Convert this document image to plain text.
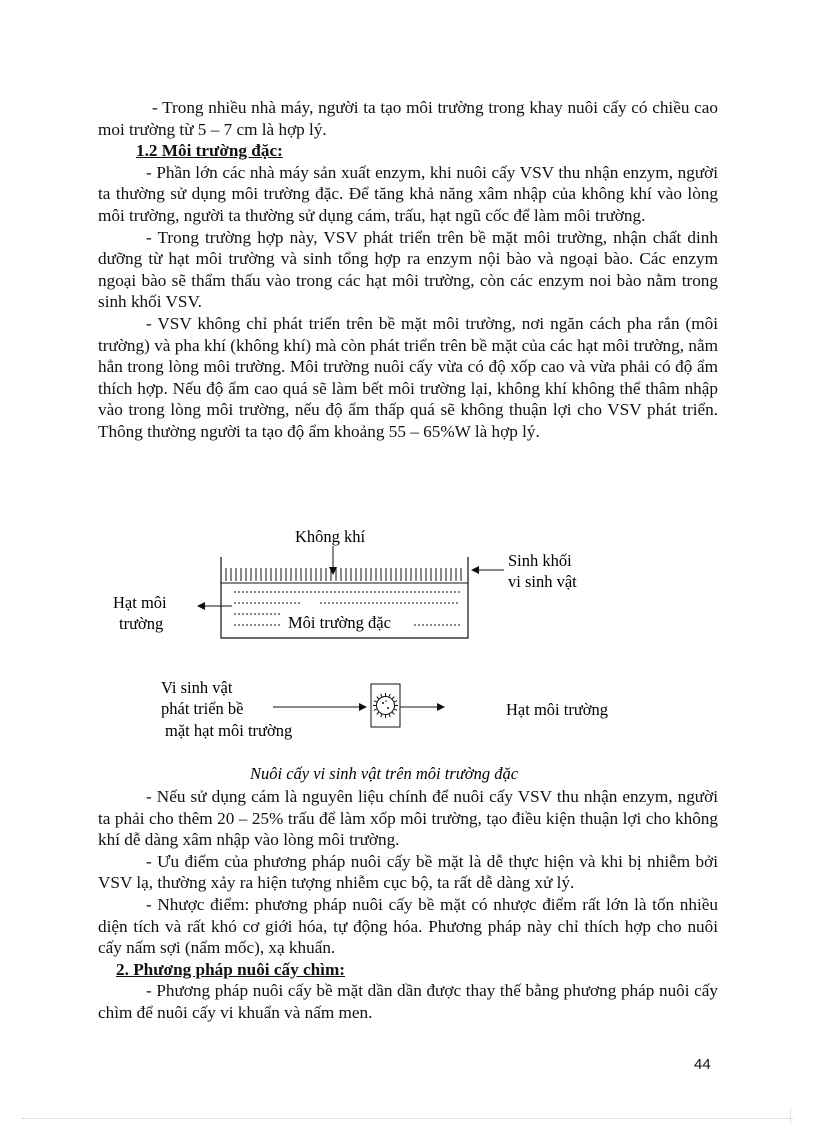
- Trong nhiều nhà máy, người ta tạo môi trường trong khay nuôi cấy có chiều cao moi trường từ 5 – 7 cm là hợp lý.

1.2 Môi trường đặc:

- Phần lớn các nhà máy sản xuất enzym, khi nuôi cấy VSV thu nhận enzym, người ta thường sử dụng môi trường đặc. Để tăng khả năng xâm nhập của không khí vào lòng môi trường, người ta thường sử dụng cám, trấu, hạt ngũ cốc để làm môi trường.

- Trong trường hợp này, VSV phát triển trên bề mặt môi trường, nhận chất dinh dưỡng từ hạt môi trường và sinh tổng hợp ra enzym nội bào và ngoại bào. Các enzym ngoại bào sẽ thẩm thấu vào trong các hạt môi trường, còn các enzym noi bào nằm trong sinh khối VSV.

- VSV không chỉ phát triển trên bề mặt môi trường, nơi ngăn cách pha rắn (môi trường) và pha khí (không khí) mà còn phát triển trên bề mặt của các hạt môi trường, nằm hẳn trong lòng môi trường. Môi trường nuôi cấy vừa có độ xốp cao và vừa phải có độ ẩm thích hợp. Nếu độ ẩm cao quá sẽ làm bết môi trường lại, không khí không thể thâm nhập vào trong lòng môi trường, nếu độ ẩm thấp quá sẽ không thuận lợi cho VSV phát triển. Thông thường người ta tạo độ ẩm khoảng 55 – 65%W là hợp lý.

Không khí
Sinh khối
vi sinh vật
Hạt môi
trường	Môi trường đặc
Vi sinh vật
phát triển bề
mặt hạt môi trường
Hạt môi trường
Nuôi cấy vi sinh vật trên môi trường đặc

- Nếu sử dụng cám là nguyên liệu chính để nuôi cấy VSV thu nhận enzym, người ta phải cho thêm 20 – 25% trấu để làm xốp môi trường, tạo điều kiện thuận lợi cho không khí dễ dàng xâm nhập vào lòng môi trường.

- Ưu điểm của phương pháp nuôi cấy bề mặt là dễ thực hiện và khi bị nhiễm bởi VSV lạ, thường xảy ra hiện tượng nhiễm cục bộ, ta rất dễ dàng xử lý.

- Nhược điểm: phương pháp nuôi cấy bề mặt có nhược điểm rất lớn là tốn nhiều diện tích và rất khó cơ giới hóa, tự động hóa. Phương pháp này chỉ thích hợp cho nuôi cấy nấm sợi (nấm mốc), xạ khuẩn.

2. Phương pháp nuôi cấy chìm:

- Phương pháp nuôi cấy bề mặt dần dần được thay thế bằng phương pháp nuôi cấy chìm để nuôi cấy vi khuẩn và nấm men.

44
